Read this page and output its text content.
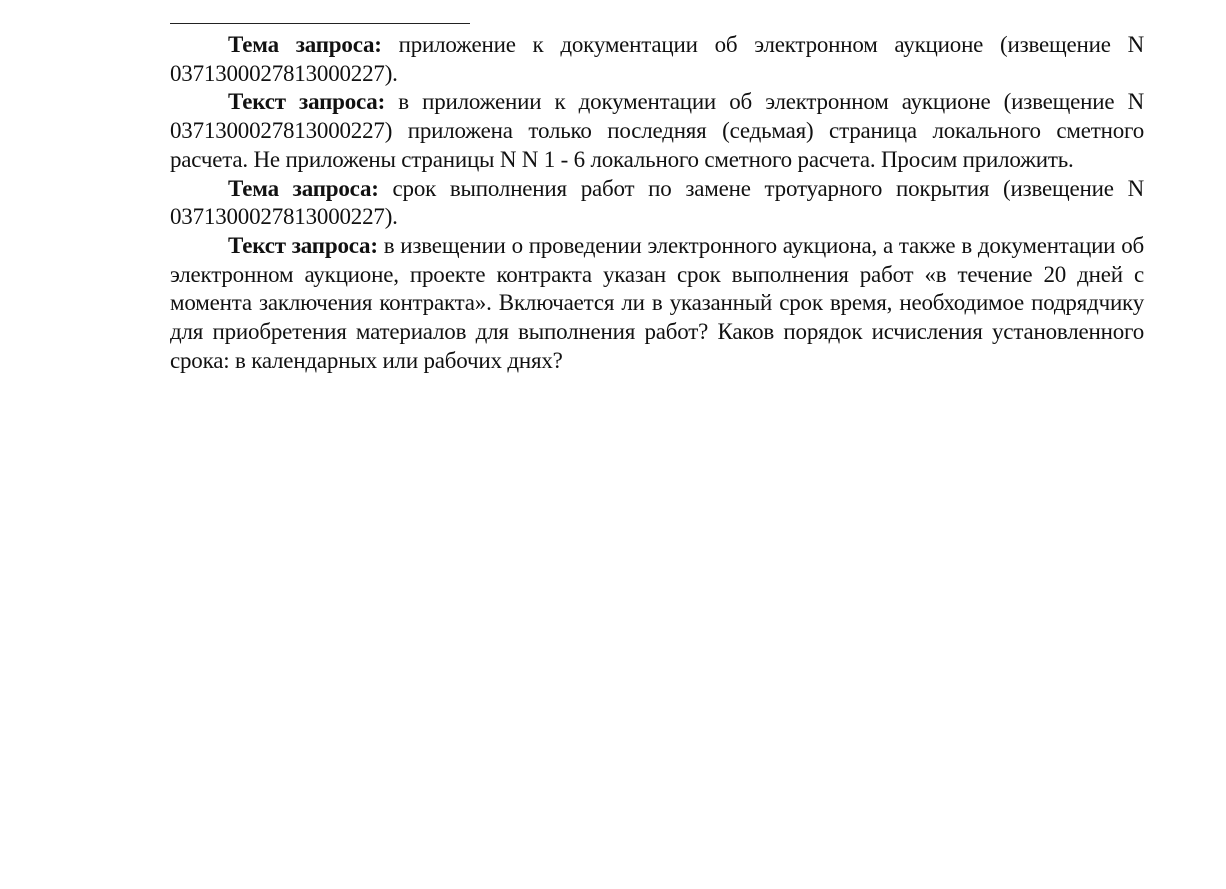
Тема запроса: приложение к документации об электронном аукционе (извещение N 0371300027813000227).

Текст запроса: в приложении к документации об электронном аукционе (извещение N 0371300027813000227) приложена только последняя (седьмая) страница локального сметного расчета. Не приложены страницы N N 1 - 6 локального сметного расчета. Просим приложить.

Тема запроса: срок выполнения работ по замене тротуарного покрытия (извещение N 0371300027813000227).

Текст запроса: в извещении о проведении электронного аукциона, а также в документации об электронном аукционе, проекте контракта указан срок выполнения работ «в течение 20 дней с момента заключения контракта». Включается ли в указанный срок время, необходимое подрядчику для приобретения материалов для выполнения работ? Каков порядок исчисления установленного срока: в календарных или рабочих днях?
